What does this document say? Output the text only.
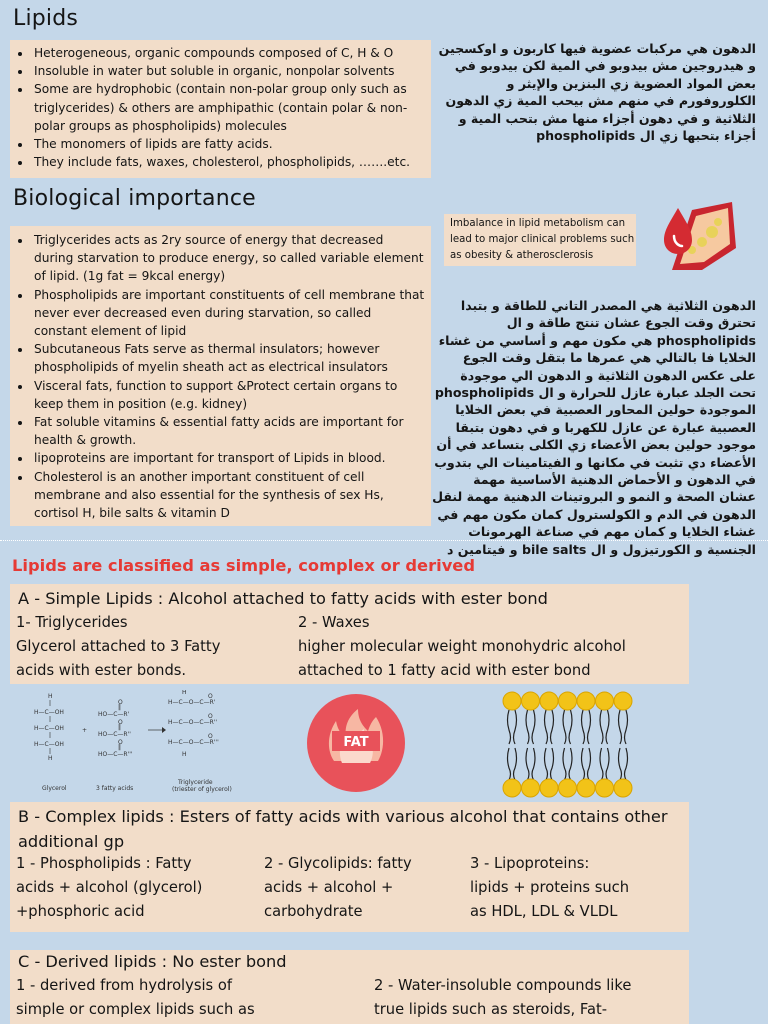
Lipids
• Heterogeneous, organic compounds composed of C, H & O
• Insoluble in water but soluble in organic, nonpolar solvents
• Some are hydrophobic (contain non-polar group only such as triglycerides) & others are amphipathic (contain polar & non-polar groups as phospholipids) molecules
• The monomers of lipids are fatty acids.
• They include fats, waxes, cholesterol, phospholipids, …….etc.
الدهون هي مركبات عضوية فيها كاربون و اوكسجين و هيدروجين مش بيدوبو في المية لكن بيدوبو في بعض المواد العضوية زي البنزين والإيثر و الكلوروفورم في منهم مش بيحب المية زي الدهون الثلاثية و في دهون أجزاء منها مش بتحب المية و أجزاء بتحبها زي ال phospholipids
Biological importance
• Triglycerides acts as 2ry source of energy that decreased during starvation to produce energy, so called variable element of lipid. (1g fat = 9kcal energy)
• Phospholipids are important constituents of cell membrane that never ever decreased even during starvation, so called constant element of lipid
• Subcutaneous Fats serve as thermal insulators; however phospholipids of myelin sheath act as electrical insulators
• Visceral fats, function to support &Protect certain organs to keep them in position (e.g. kidney)
• Fat soluble vitamins & essential fatty acids are important for health & growth.
• lipoproteins are important for transport of Lipids in blood.
• Cholesterol is an another important constituent of cell membrane and also essential for the synthesis of sex Hs, cortisol H, bile salts & vitamin D
Imbalance in lipid metabolism can lead to major clinical problems such as obesity & atherosclerosis
الدهون الثلاثية هي المصدر التاني للطاقة و بتبدا تحترق وقت الجوع عشان تنتج طاقة و ال phospholipids هي مكون مهم و أساسي من غشاء الخلايا فا بالتالي هي عمرها ما بتقل وقت الجوع على عكس الدهون الثلاثية و الدهون الي موجودة تحت الجلد عبارة عازل للحرارة و ال phospholipids الموجودة حولين المحاور العصبية في بعض الخلايا العصبية عبارة عن عازل للكهربا و في دهون بتبقا موجود حولين بعض الأعضاء زي الكلى بتساعد في أن الأعضاء دي تثبت في مكانها و الفيتامينات الي بتدوب في الدهون و الأحماض الدهنية الأساسية مهمة عشان الصحة و النمو و البروتينات الدهنية مهمة لنقل الدهون في الدم و الكولسترول كمان مكون مهم في غشاء الخلايا و كمان مهم في صناعة الهرمونات الجنسية و الكورتيزول و ال bile salts و فيتامين د
Lipids are classified as simple, complex or derived
A - Simple Lipids : Alcohol attached to fatty acids with ester bond
1- Triglycerides
Glycerol attached to 3 Fatty
acids with ester bonds.
2 - Waxes
higher molecular weight monohydric alcohol
attached to 1 fatty acid with ester bond
H
H—C—OH
H—C—OH
H—C—OH
H
+
O
‖
HO—C—R'
O
‖
HO—C—R''
O
‖
HO—C—R'''
H
H—C—O—C—R'
O
H—C—O—C—R''
O
H—C—O—C—R'''
O
H
Glycerol	3 fatty acids
Triglyceride
(triester of glycerol)
FAT
B - Complex lipids : Esters of fatty acids with various alcohol that contains other additional gp
1 - Phospholipids : Fatty
acids + alcohol (glycerol)
+phosphoric acid
2 - Glycolipids: fatty
acids + alcohol +
carbohydrate
3 - Lipoproteins:
lipids + proteins such
as HDL, LDL & VLDL
C - Derived lipids : No ester bond
1 - derived from hydrolysis of
simple or complex lipids such as
2 - Water-insoluble compounds like
true lipids such as steroids, Fat-
